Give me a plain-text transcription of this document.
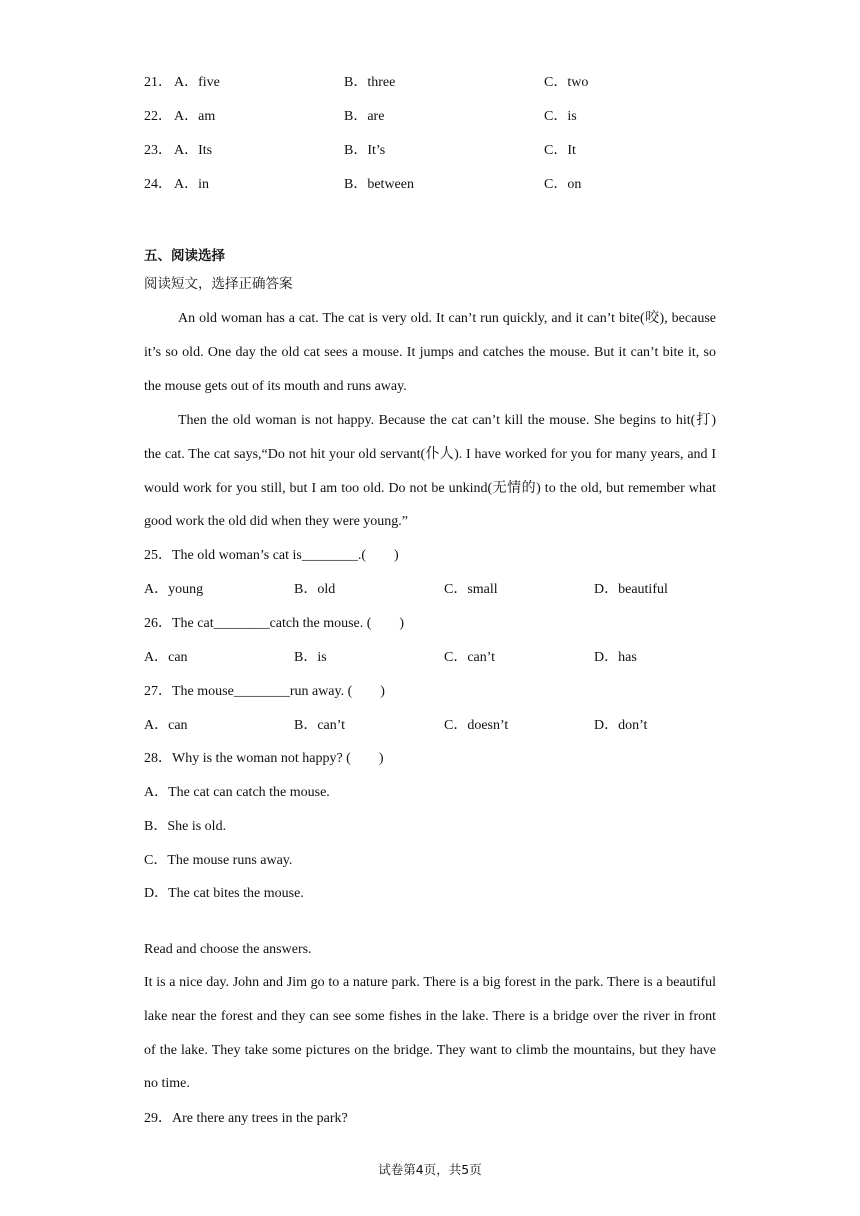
21． A．five	B．three	C．two
22． A．am	B．are	C．is
23． A．Its	B．It’s	C．It
24． A．in	B．between	C．on
五、阅读选择
阅读短文，选择正确答案
An old woman has a cat. The cat is very old. It can’t run quickly, and it can’t bite(咬), because it’s so old. One day the old cat sees a mouse. It jumps and catches the mouse. But it can’t bite it, so the mouse gets out of its mouth and runs away.
Then the old woman is not happy. Because the cat can’t kill the mouse. She begins to hit(打) the cat. The cat says,“Do not hit your old servant(仆人). I have worked for you for many years, and I would work for you still, but I am too old. Do not be unkind(无情的) to the old, but remember what good work the old did when they were young.”
25．The old woman’s cat is________.(　　)
A．young	B．old	C．small	D．beautiful
26．The cat________catch the mouse. (　　)
A．can	B．is	C．can’t	D．has
27．The mouse________run away. (　　)
A．can	B．can’t	C．doesn’t	D．don’t
28．Why is the woman not happy? (　　)
A．The cat can catch the mouse.
B．She is old.
C．The mouse runs away.
D．The cat bites the mouse.
Read and choose the answers.
It is a nice day. John and Jim go to a nature park. There is a big forest in the park. There is a beautiful lake near the forest and they can see some fishes in the lake. There is a bridge over the river in front of the lake. They take some pictures on the bridge. They want to climb the mountains, but they have no time.
29．Are there any trees in the park?
试卷第4页，共5页
